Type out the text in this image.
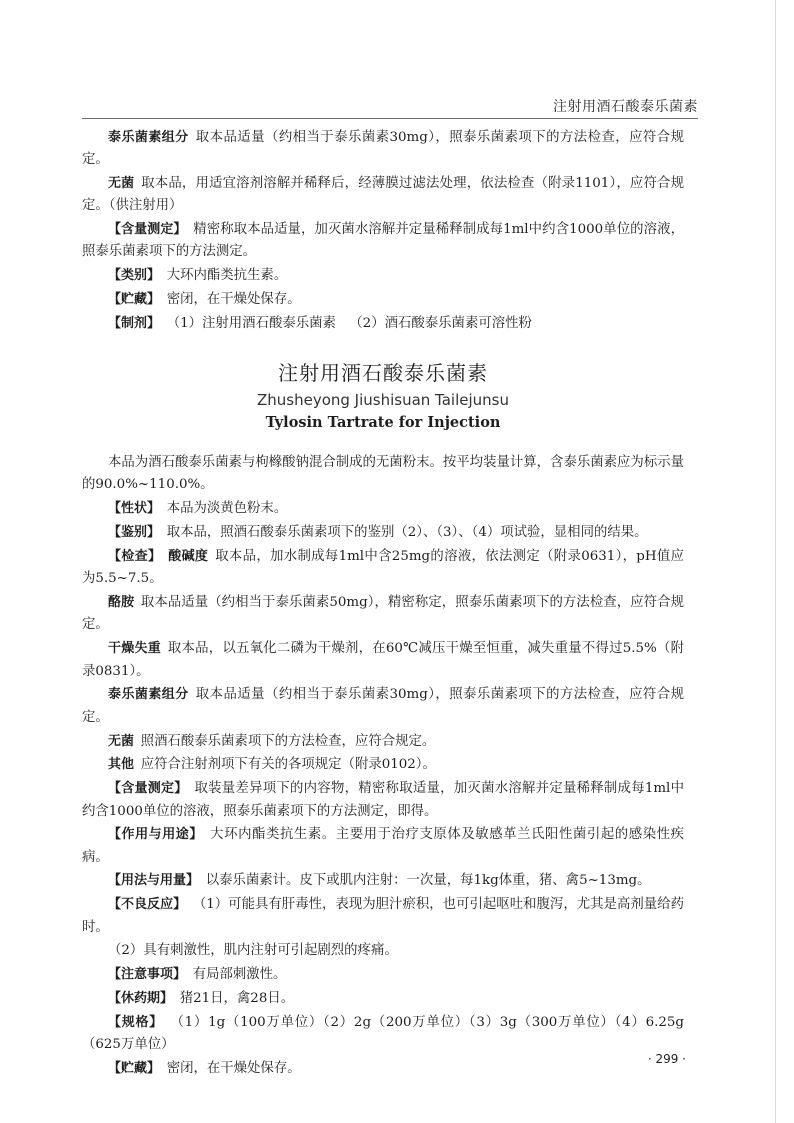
注射用酒石酸泰乐菌素

泰乐菌素组分 取本品适量（约相当于泰乐菌素30mg），照泰乐菌素项下的方法检查，应符合规定。

无菌 取本品，用适宜溶剂溶解并稀释后，经薄膜过滤法处理，依法检查（附录1101），应符合规定。（供注射用）

【含量测定】 精密称取本品适量，加灭菌水溶解并定量稀释制成每1ml中约含1000单位的溶液，照泰乐菌素项下的方法测定。

【类别】 大环内酯类抗生素。

【贮藏】 密闭，在干燥处保存。

【制剂】 （1）注射用酒石酸泰乐菌素 （2）酒石酸泰乐菌素可溶性粉

注射用酒石酸泰乐菌素
Zhusheyong Jiushisuan Tailejunsu
Tylosin Tartrate for Injection

本品为酒石酸泰乐菌素与枸橼酸钠混合制成的无菌粉末。按平均装量计算，含泰乐菌素应为标示量的90.0%~110.0%。

【性状】 本品为淡黄色粉末。

【鉴别】 取本品，照酒石酸泰乐菌素项下的鉴别（2）、（3）、（4）项试验，显相同的结果。

【检查】 酸碱度 取本品，加水制成每1ml中含25mg的溶液，依法测定（附录0631），pH值应为5.5~7.5。

酪胺 取本品适量（约相当于泰乐菌素50mg），精密称定，照泰乐菌素项下的方法检查，应符合规定。

干燥失重 取本品，以五氧化二磷为干燥剂，在60℃减压干燥至恒重，减失重量不得过5.5%（附录0831）。

泰乐菌素组分 取本品适量（约相当于泰乐菌素30mg），照泰乐菌素项下的方法检查，应符合规定。

无菌 照酒石酸泰乐菌素项下的方法检查，应符合规定。

其他 应符合注射剂项下有关的各项规定（附录0102）。

【含量测定】 取装量差异项下的内容物，精密称取适量，加灭菌水溶解并定量稀释制成每1ml中约含1000单位的溶液，照泰乐菌素项下的方法测定，即得。

【作用与用途】 大环内酯类抗生素。主要用于治疗支原体及敏感革兰氏阳性菌引起的感染性疾病。

【用法与用量】 以泰乐菌素计。皮下或肌内注射：一次量，每1kg体重，猪、禽5~13mg。

【不良反应】 （1）可能具有肝毒性，表现为胆汁瘀积，也可引起呕吐和腹泻，尤其是高剂量给药时。

（2）具有刺激性，肌内注射可引起剧烈的疼痛。

【注意事项】 有局部刺激性。

【休药期】 猪21日，禽28日。

【规格】 （1）1g（100万单位）（2）2g（200万单位）（3）3g（300万单位）（4）6.25g（625万单位）

【贮藏】 密闭，在干燥处保存。

· 299 ·
